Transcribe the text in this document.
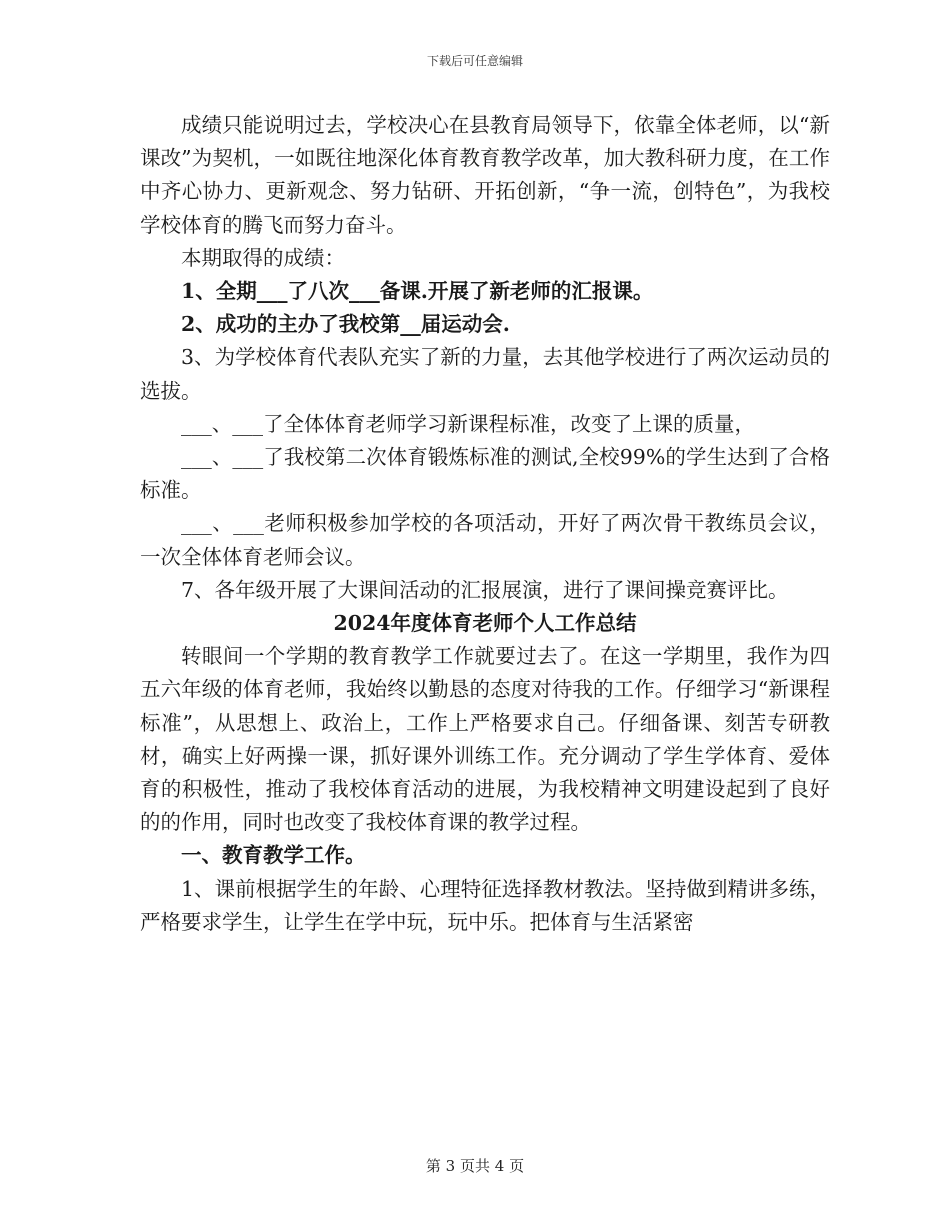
下载后可任意编辑

成绩只能说明过去，学校决心在县教育局领导下，依靠全体老师，以“新课改”为契机，一如既往地深化体育教育教学改革，加大教科研力度，在工作中齐心协力、更新观念、努力钻研、开拓创新，“争一流，创特色”，为我校学校体育的腾飞而努力奋斗。

本期取得的成绩：

1、全期___了八次___备课.开展了新老师的汇报课。

2、成功的主办了我校第__届运动会.

3、为学校体育代表队充实了新的力量，去其他学校进行了两次运动员的选拔。

___、___了全体体育老师学习新课程标准，改变了上课的质量，

___、___了我校第二次体育锻炼标准的测试,全校99%的学生达到了合格标准。

___、___老师积极参加学校的各项活动，开好了两次骨干教练员会议，一次全体体育老师会议。

7、各年级开展了大课间活动的汇报展演，进行了课间操竞赛评比。

2024年度体育老师个人工作总结

转眼间一个学期的教育教学工作就要过去了。在这一学期里，我作为四五六年级的体育老师，我始终以勤恳的态度对待我的工作。仔细学习“新课程标准”，从思想上、政治上，工作上严格要求自己。仔细备课、刻苦专研教材，确实上好两操一课，抓好课外训练工作。充分调动了学生学体育、爱体育的积极性，推动了我校体育活动的进展，为我校精神文明建设起到了良好的的作用，同时也改变了我校体育课的教学过程。

一、教育教学工作。

1、课前根据学生的年龄、心理特征选择教材教法。坚持做到精讲多练，严格要求学生，让学生在学中玩，玩中乐。把体育与生活紧密

第 3 页共 4 页
